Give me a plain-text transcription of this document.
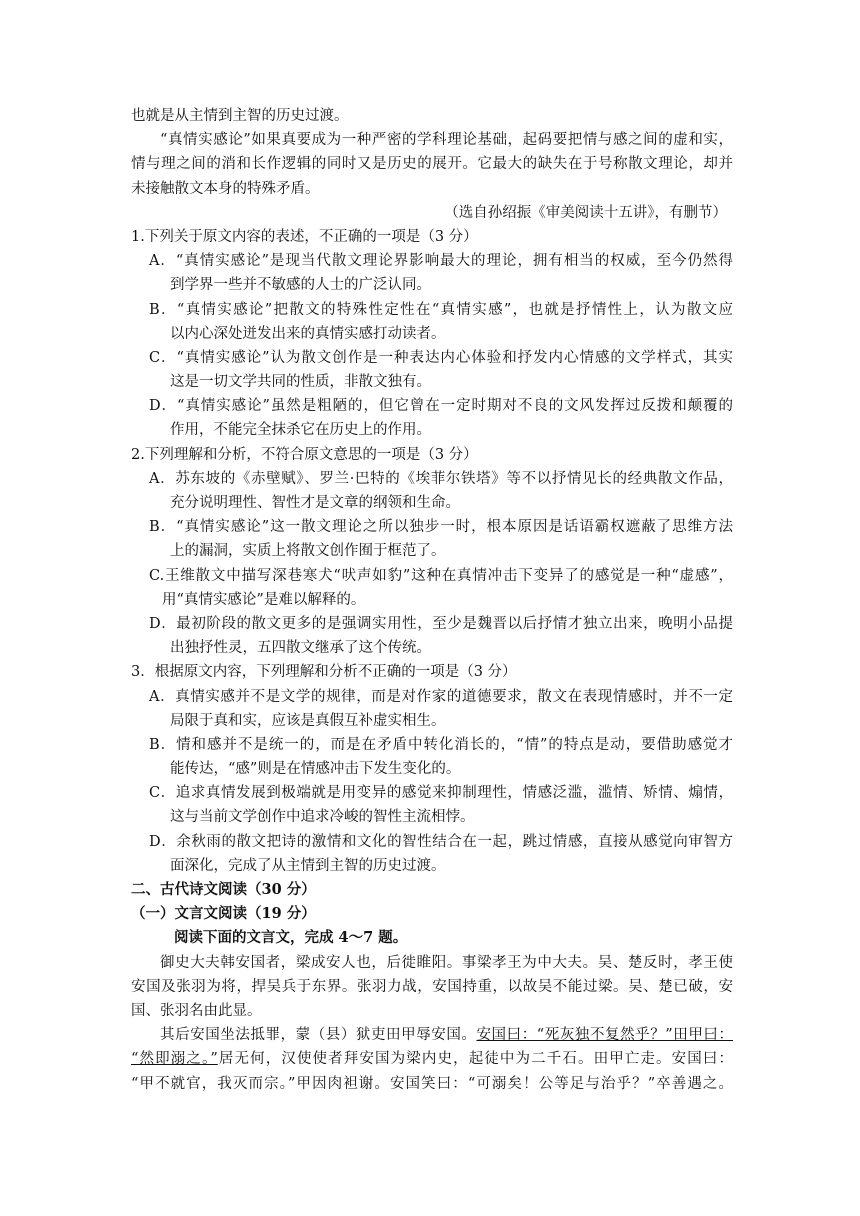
也就是从主情到主智的历史过渡。
“真情实感论”如果真要成为一种严密的学科理论基础，起码要把情与感之间的虚和实，
情与理之间的消和长作逻辑的同时又是历史的展开。它最大的缺失在于号称散文理论，却并
未接触散文本身的特殊矛盾。
（选自孙绍振《审美阅读十五讲》，有删节）
1.下列关于原文内容的表述，不正确的一项是（3 分）
A．“真情实感论”是现当代散文理论界影响最大的理论，拥有相当的权威，至今仍然得
到学界一些并不敏感的人士的广泛认同。
B．“真情实感论”把散文的特殊性定性在“真情实感”，也就是抒情性上，认为散文应
以内心深处迸发出来的真情实感打动读者。
C．“真情实感论”认为散文创作是一种表达内心体验和抒发内心情感的文学样式，其实
这是一切文学共同的性质，非散文独有。
D．“真情实感论”虽然是粗陋的，但它曾在一定时期对不良的文风发挥过反拨和颠覆的
作用，不能完全抹杀它在历史上的作用。
2.下列理解和分析，不符合原文意思的一项是（3 分）
A．苏东坡的《赤壁赋》、罗兰·巴特的《埃菲尔铁塔》等不以抒情见长的经典散文作品，
充分说明理性、智性才是文章的纲领和生命。
B．“真情实感论”这一散文理论之所以独步一时，根本原因是话语霸权遮蔽了思维方法
上的漏洞，实质上将散文创作囿于框范了。
C.王维散文中描写深巷寒犬“吠声如豹”这种在真情冲击下变异了的感觉是一种“虚感”，
用“真情实感论”是难以解释的。
D．最初阶段的散文更多的是强调实用性，至少是魏晋以后抒情才独立出来，晚明小品提
出独抒性灵，五四散文继承了这个传统。
3．根据原文内容，下列理解和分析不正确的一项是（3 分）
A．真情实感并不是文学的规律，而是对作家的道德要求，散文在表现情感时，并不一定
局限于真和实，应该是真假互补虚实相生。
B．情和感并不是统一的，而是在矛盾中转化消长的，“情”的特点是动，要借助感觉才
能传达，“感”则是在情感冲击下发生变化的。
C．追求真情发展到极端就是用变异的感觉来抑制理性，情感泛滥，滥情、矫情、煽情，
这与当前文学创作中追求冷峻的智性主流相悖。
D．余秋雨的散文把诗的激情和文化的智性结合在一起，跳过情感，直接从感觉向审智方
面深化，完成了从主情到主智的历史过渡。
二、古代诗文阅读（30 分）
（一）文言文阅读（19 分）
阅读下面的文言文，完成 4～7 题。
御史大夫韩安国者，梁成安人也，后徙睢阳。事梁孝王为中大夫。吴、楚反时，孝王使
安国及张羽为将，捍吴兵于东界。张羽力战，安国持重，以故吴不能过梁。吴、楚已破，安
国、张羽名由此显。
其后安国坐法抵罪，蒙（县）狱吏田甲辱安国。安国曰：“死灰独不复然乎？”田甲曰：
“然即溺之。”居无何，汉使使者拜安国为梁内史，起徒中为二千石。田甲亡走。安国曰：
“甲不就官，我灭而宗。”甲因肉袒谢。安国笑曰：“可溺矣！公等足与治乎？”卒善遇之。
